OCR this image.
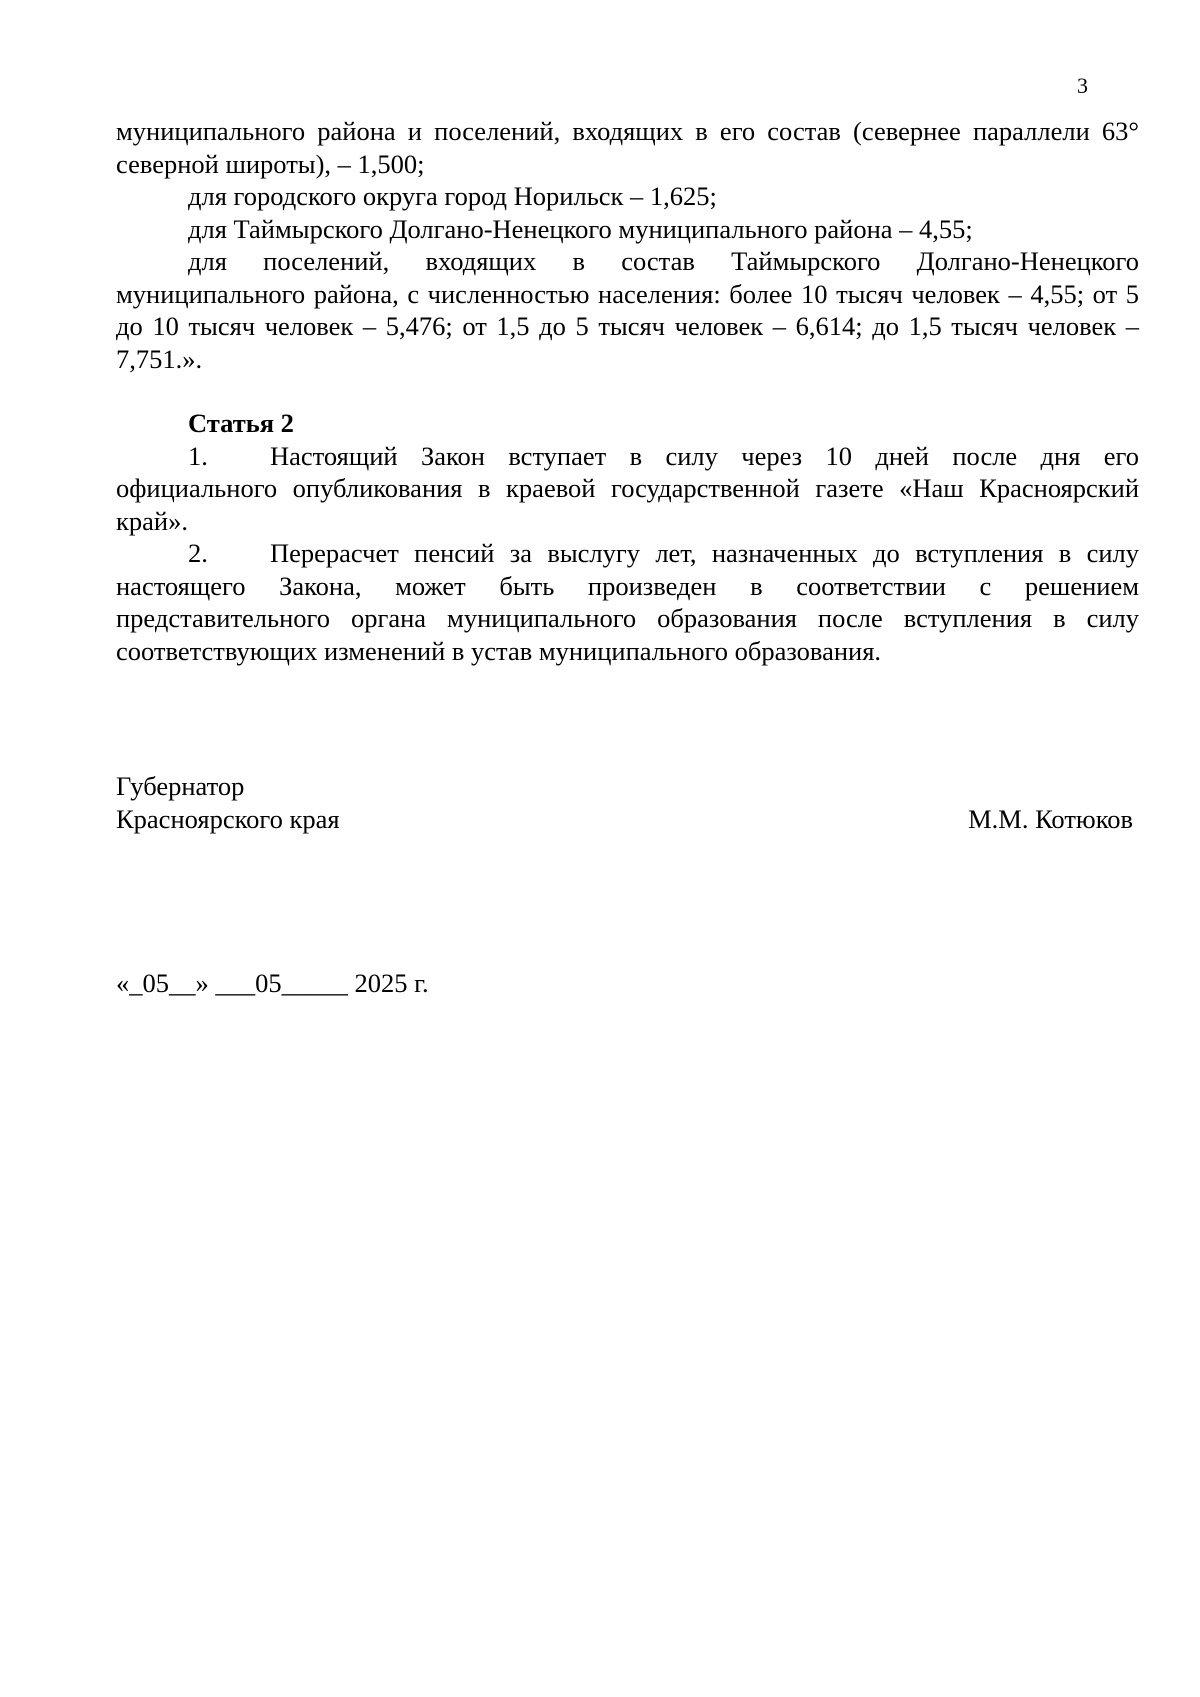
3

муниципального района и поселений, входящих в его состав (севернее параллели 63° северной широты), – 1,500;

для городского округа город Норильск – 1,625;

для Таймырского Долгано-Ненецкого муниципального района – 4,55;

для поселений, входящих в состав Таймырского Долгано-Ненецкого муниципального района, с численностью населения: более 10 тысяч человек – 4,55; от 5 до 10 тысяч человек – 5,476; от 1,5 до 5 тысяч человек – 6,614; до 1,5 тысяч человек – 7,751.».

Статья 2

1. Настоящий Закон вступает в силу через 10 дней после дня его официального опубликования в краевой государственной газете «Наш Красноярский край».

2. Перерасчет пенсий за выслугу лет, назначенных до вступления в силу настоящего Закона, может быть произведен в соответствии с решением представительного органа муниципального образования после вступления в силу соответствующих изменений в устав муниципального образования.

Губернатор
Красноярского края	М.М. Котюков
«_05__» ___05_____ 2025 г.
